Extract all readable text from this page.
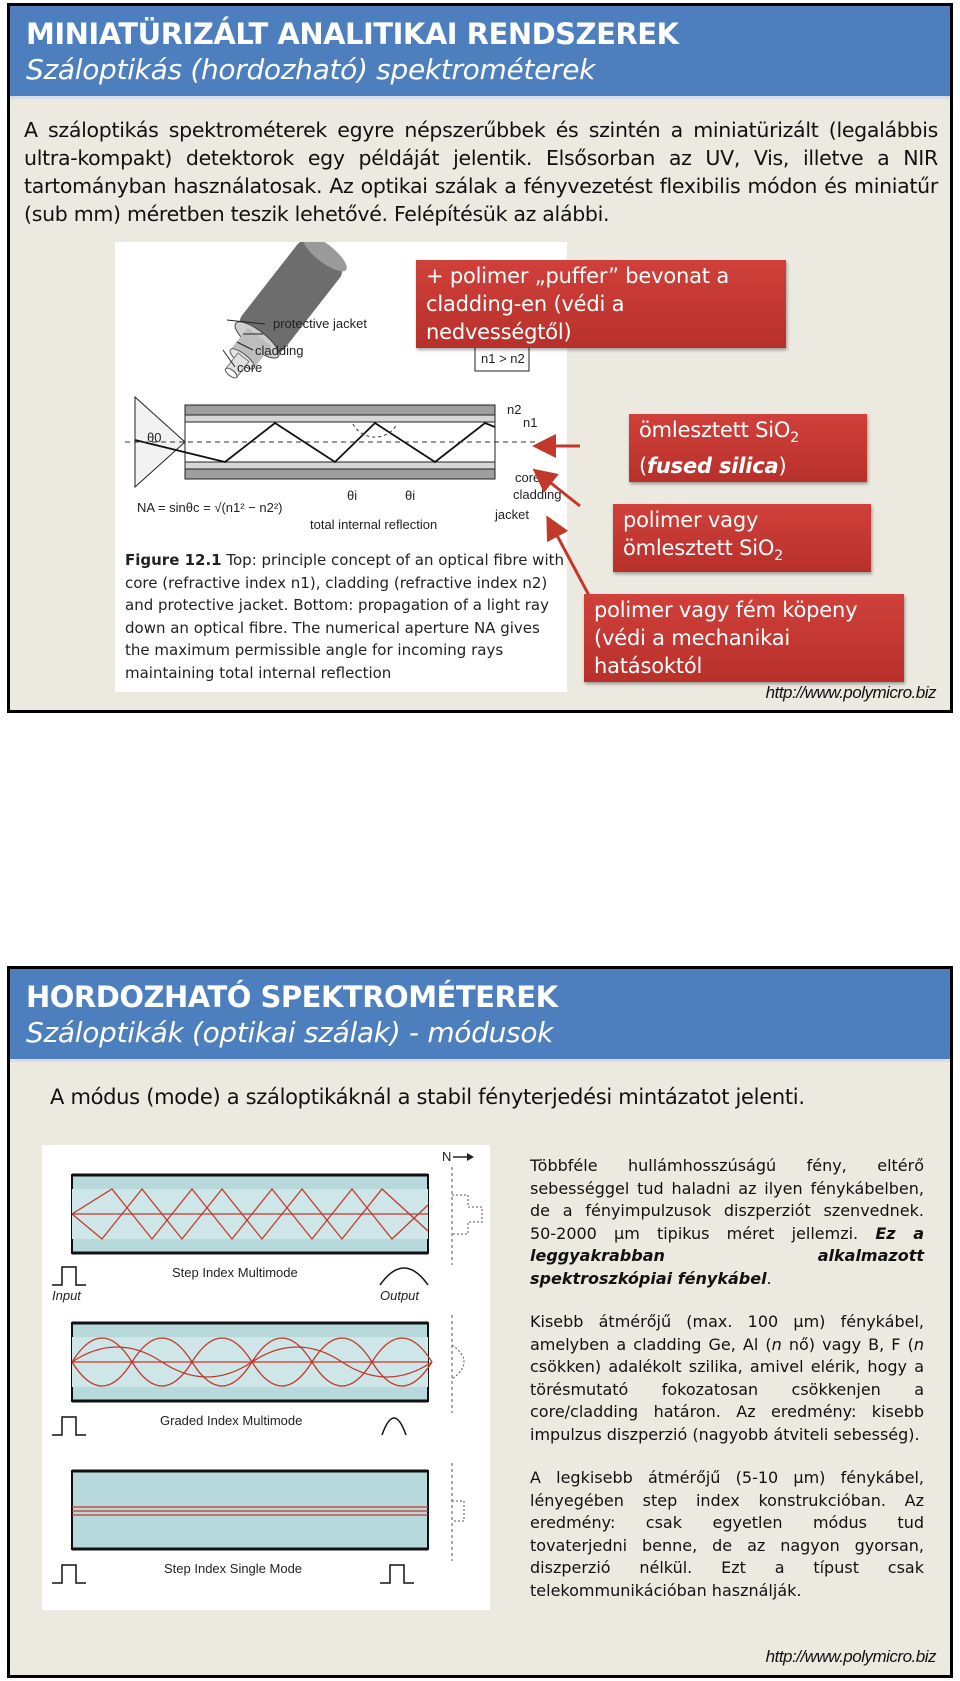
MINIATÜRIZÁLT ANALITIKAI RENDSZEREK
Száloptikás (hordozható) spektrométerek
A száloptikás spektrométerek egyre népszerűbbek és szintén a miniatürizált (legalábbis ultra-kompakt) detektorok egy példáját jelentik. Elsősorban az UV, Vis, illetve a NIR tartományban használatosak. Az optikai szálak a fényvezetést flexibilis módon és miniatűr (sub mm) méretben teszik lehetővé. Felépítésük az alábbi.
protective jacket
cladding
core
n1 > n2
θ0
n2
n1
core
cladding
jacket
NA = sinθc = √(n1² − n2²)
θi	θi
total internal reflection
Figure 12.1 Top: principle concept of an optical fibre with core (refractive index n1), cladding (refractive index n2) and protective jacket. Bottom: propagation of a light ray down an optical fibre. The numerical aperture NA gives the maximum permissible angle for incoming rays maintaining total internal reflection
+ polimer „puffer” bevonat a
cladding-en (védi a nedvességtől)
ömlesztett SiO$_2$
(fused silica)
polimer vagy
ömlesztett SiO$_2$
polimer vagy fém köpeny
(védi a mechanikai hatásoktól
http://www.polymicro.biz
HORDOZHATÓ SPEKTROMÉTEREK
Száloptikák (optikai szálak) - módusok
A módus (mode) a száloptikáknál a stabil fényterjedési mintázatot jelenti.
N
Step Index Multimode
Input	Output
Graded Index Multimode
Step Index Single Mode

Többféle hullámhosszúságú fény, eltérő sebességgel tud haladni az ilyen fénykábelben, de a fényimpulzusok diszperziót szenvednek. 50-2000 µm tipikus méret jellemzi. Ez a leggyakrabban alkalmazott spektroszkópiai fénykábel.

Kisebb átmérőjű (max. 100 µm) fénykábel, amelyben a cladding Ge, Al (n nő) vagy B, F (n csökken) adalékolt szilika, amivel elérik, hogy a törésmutató fokozatosan csökkenjen a core/cladding határon. Az eredmény: kisebb impulzus diszperzió (nagyobb átviteli sebesség).

A legkisebb átmérőjű (5-10 µm) fénykábel, lényegében step index konstrukcióban. Az eredmény: csak egyetlen módus tud tovaterjedni benne, de az nagyon gyorsan, diszperzió nélkül. Ezt a típust csak telekommunikációban használják.

http://www.polymicro.biz
